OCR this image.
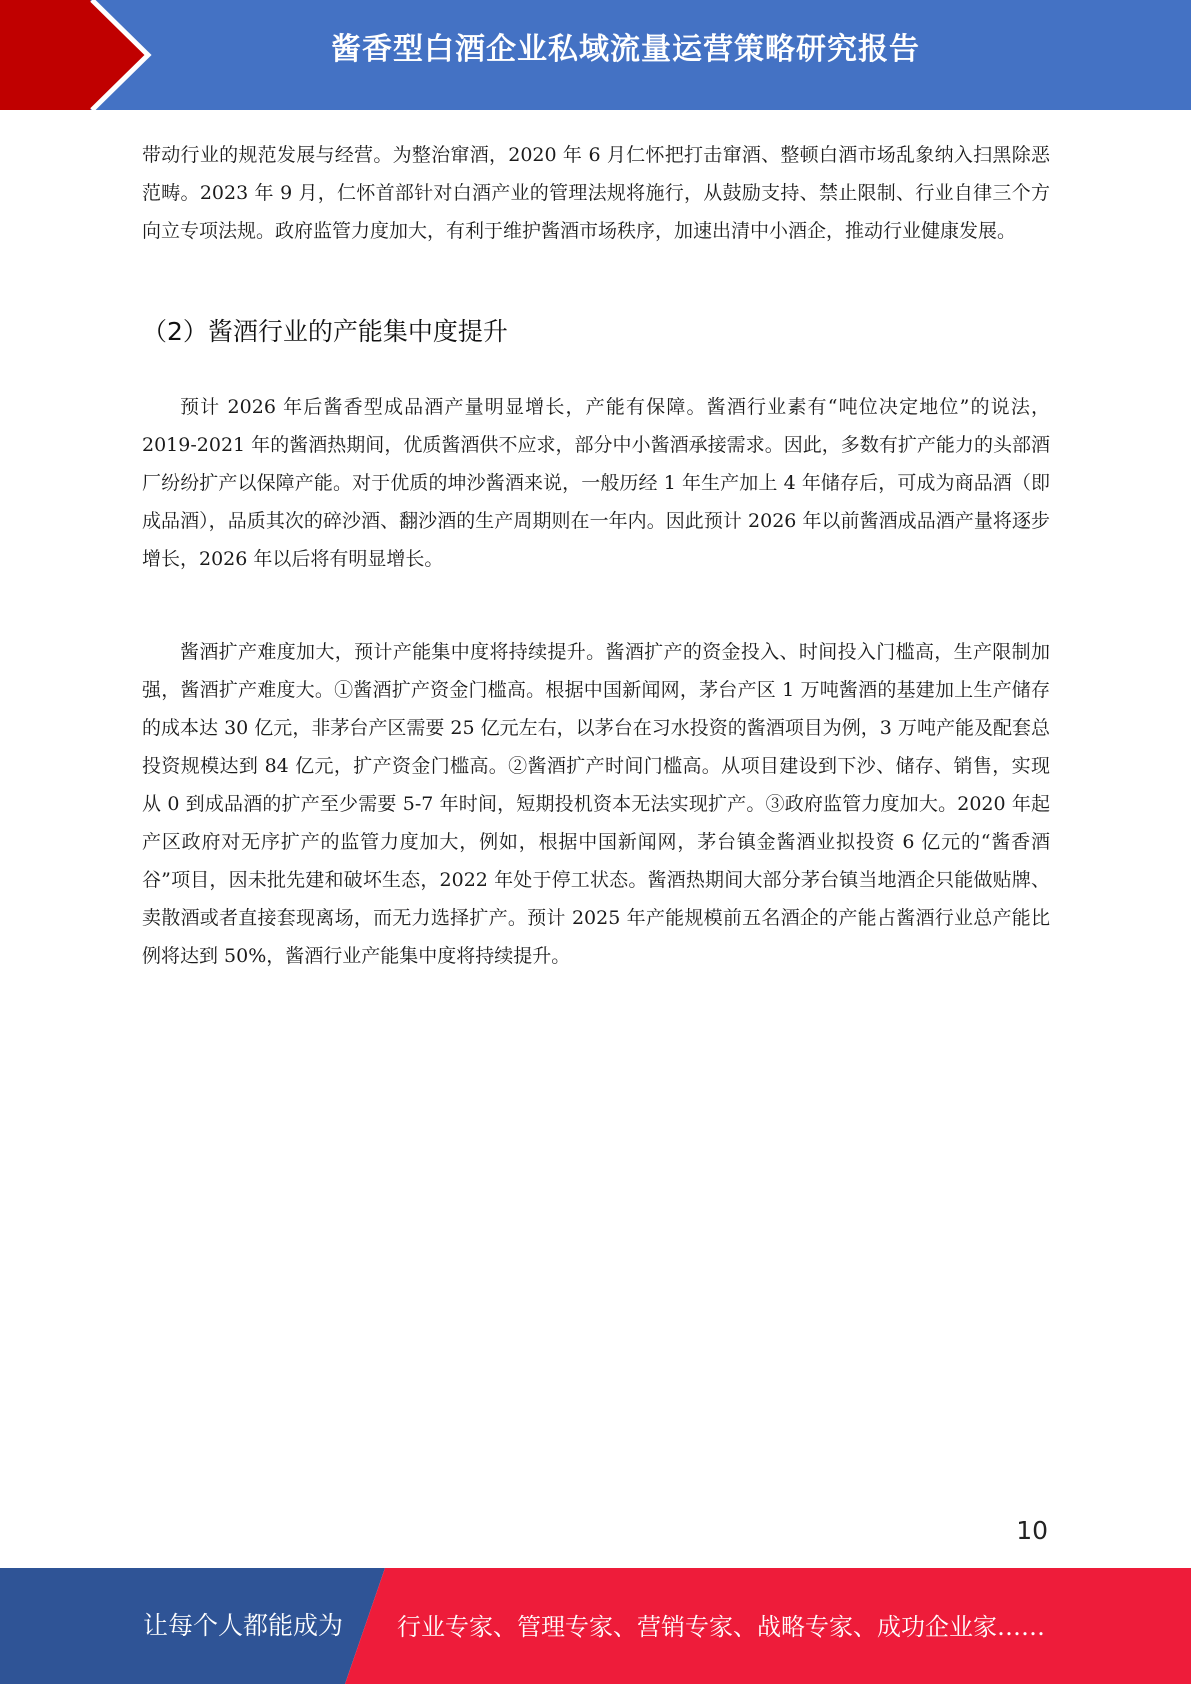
酱香型白酒企业私域流量运营策略研究报告

带动行业的规范发展与经营。为整治窜酒，2020 年 6 月仁怀把打击窜酒、整顿白酒市场乱象纳入扫黑除恶范畴。2023 年 9 月，仁怀首部针对白酒产业的管理法规将施行，从鼓励支持、禁止限制、行业自律三个方向立专项法规。政府监管力度加大，有利于维护酱酒市场秩序，加速出清中小酒企，推动行业健康发展。

（2）酱酒行业的产能集中度提升

预计 2026 年后酱香型成品酒产量明显增长，产能有保障。酱酒行业素有“吨位决定地位”的说法，2019-2021 年的酱酒热期间，优质酱酒供不应求，部分中小酱酒承接需求。因此，多数有扩产能力的头部酒厂纷纷扩产以保障产能。对于优质的坤沙酱酒来说，一般历经 1 年生产加上 4 年储存后，可成为商品酒（即成品酒），品质其次的碎沙酒、翻沙酒的生产周期则在一年内。因此预计 2026 年以前酱酒成品酒产量将逐步增长，2026 年以后将有明显增长。

酱酒扩产难度加大，预计产能集中度将持续提升。酱酒扩产的资金投入、时间投入门槛高，生产限制加强，酱酒扩产难度大。①酱酒扩产资金门槛高。根据中国新闻网，茅台产区 1 万吨酱酒的基建加上生产储存的成本达 30 亿元，非茅台产区需要 25 亿元左右，以茅台在习水投资的酱酒项目为例，3 万吨产能及配套总投资规模达到 84 亿元，扩产资金门槛高。②酱酒扩产时间门槛高。从项目建设到下沙、储存、销售，实现从 0 到成品酒的扩产至少需要 5-7 年时间，短期投机资本无法实现扩产。③政府监管力度加大。2020 年起产区政府对无序扩产的监管力度加大，例如，根据中国新闻网，茅台镇金酱酒业拟投资 6 亿元的“酱香酒谷”项目，因未批先建和破坏生态，2022 年处于停工状态。酱酒热期间大部分茅台镇当地酒企只能做贴牌、卖散酒或者直接套现离场，而无力选择扩产。预计 2025 年产能规模前五名酒企的产能占酱酒行业总产能比例将达到 50%，酱酒行业产能集中度将持续提升。

10
让每个人都能成为 行业专家、管理专家、营销专家、战略专家、成功企业家……
